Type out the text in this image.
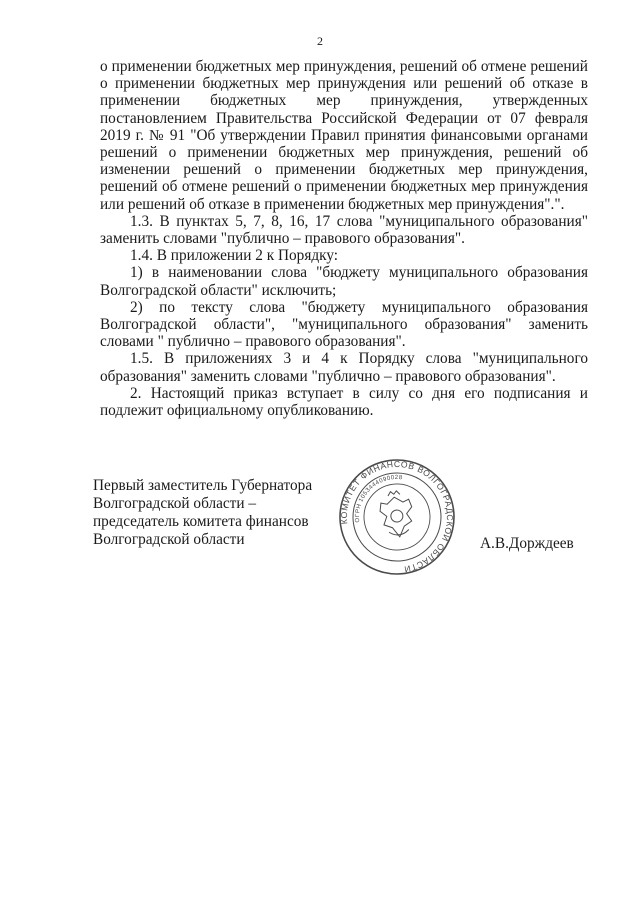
2

о применении бюджетных мер принуждения, решений об отмене решений о применении бюджетных мер принуждения или решений об отказе в применении бюджетных мер принуждения, утвержденных постановлением Правительства Российской Федерации от 07 февраля 2019 г. № 91 "Об утверждении Правил принятия финансовыми органами решений о применении бюджетных мер принуждения, решений об изменении решений о применении бюджетных мер принуждения, решений об отмене решений о применении бюджетных мер принуждения или решений об отказе в применении бюджетных мер принуждения".".

1.3. В пунктах 5, 7, 8, 16, 17 слова "муниципального образования" заменить словами "публично – правового образования".

1.4. В приложении 2 к Порядку:

1) в наименовании слова "бюджету муниципального образования Волгоградской области" исключить;

2) по тексту слова "бюджету муниципального образования Волгоградской области", "муниципального образования" заменить словами " публично – правового образования".

1.5. В приложениях 3 и 4 к Порядку слова "муниципального образования" заменить словами "публично – правового образования".

2. Настоящий приказ вступает в силу со дня его подписания и подлежит официальному опубликованию.

Первый заместитель Губернатора
Волгоградской области –
председатель комитета финансов
Волгоградской области
КОМИТЕТ ФИНАНСОВ ВОЛГОГРАДСКОЙ ОБЛАСТИ
ОГРН 1053444090028
А.В.Дорждеев
